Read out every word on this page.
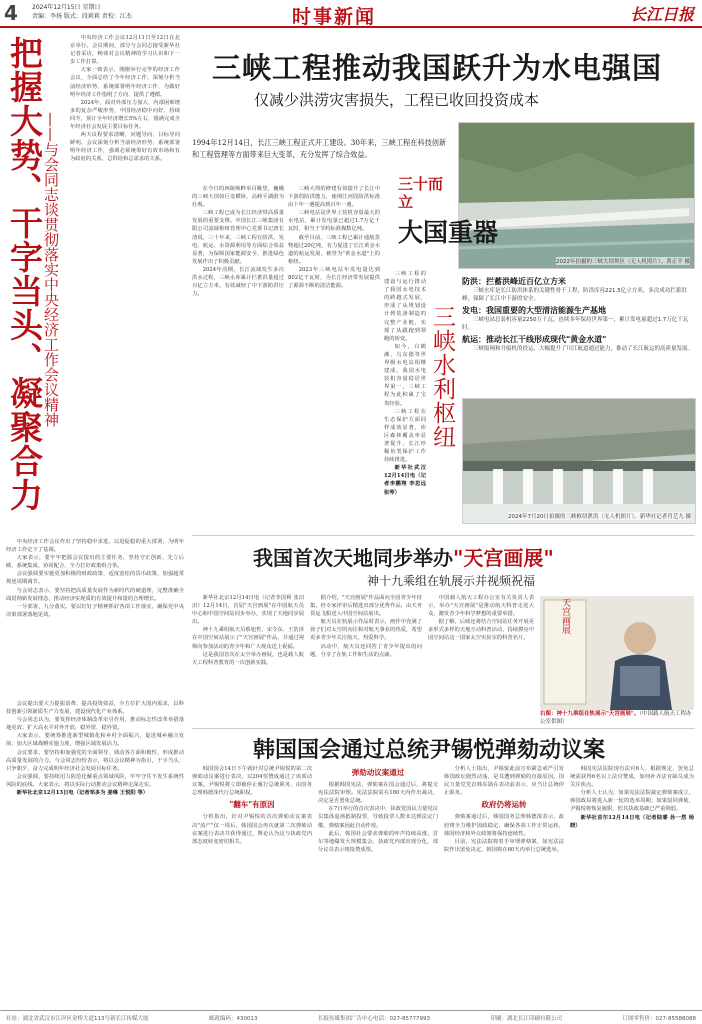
4 2024年12月15日 星期日
责编：李扬 版式：段莉莉 责校：江杰	时事新闻	长江日报
把握大势、干字当头、凝聚合力
——与会同志谈贯彻落实中央经济工作会议精神

中央经济工作会议12月11日至12日在北京举行。会议期间，部分与会同志接受新华社记者采访，畅谈对会议精神的学习认识和下一步工作打算。

大家一致表示，刚刚举行完毕的经济工作会议，全面总结了今年经济工作，深刻分析当前经济形势，系统部署明年经济工作，为做好明年经济工作指明了方向、提供了遵循。

2024年，面对外部压力加大、内部困难增多的复杂严峻形势，中国经济稳中向好、持续回升，预计全年经济增长5%左右，圆满完成全年经济社会发展主要目标任务。

两天议程要求清晰，问题导向、目标导向鲜明。会议深刻分析当前经济形势，系统部署明年经济工作，强调必须统筹好有效市场和有为政府的关系、总供给和总需求的关系。

中央经济工作会议作出了坚持稳中求进、以进促稳的重大部署，为明年经济工作定下了基调。

大家表示，要牢牢把握会议提出的主要任务，坚持守正创新、先立后破、系统集成、协同配合，全力打好政策组合拳。

会议强调要实施更加积极的财政政策、适度宽松的货币政策，加强超常规逆周期调节。

与会同志表示，要坚持把高质量发展作为新时代的硬道理，完整准确全面贯彻新发展理念，推动经济实现质的有效提升和量的合理增长。

一分部署，九分落实。要以钉钉子精神抓好各项工作落实，确保党中央决策部署落地见效。

会议提出要大力提振消费、提高投资效益，全方位扩大国内需求，以科技创新引领新质生产力发展，建设现代化产业体系。

与会同志认为，要发挥经济体制改革牵引作用，推动标志性改革举措落地见效；扩大高水平对外开放，稳外贸、稳外资。

大家表示，要统筹推进新型城镇化和乡村全面振兴，促进城乡融合发展；加大区域战略实施力度，增强区域发展活力。

会议要求，要坚持和加强党的全面领导，调动各方面积极性，形成推动高质量发展的合力。与会同志纷纷表示，将以会议精神为指引，干字当头，只争朝夕，奋力完成明年经济社会发展目标任务。

会议强调，要持续用力防范化解重点领域风险，牢牢守住不发生系统性风险的底线。大家表示，将以实际行动推动会议精神走深走实。

新华社北京12月13日电（记者邹多为 姜琳 王悦阳 等）

三峡工程推动我国跃升为水电强国
仅减少洪涝灾害损失，工程已收回投资成本
1994年12月14日，长江三峡工程正式开工建设。30年来，三峡工程在科技创新和工程管理等方面带来巨大变革，充分发挥了综合效益。
2022年拍摄的三峡大坝坝区（无人机照片）。黄正平 摄
三十而立
大国重器
三峡水利枢纽

在今日的西陵峡畔举目眺望，巍峨的三峡大坝如巨龙横卧，高峡平湖蔚为壮观。

三峡工程已成为长江经济带高质量发展的重要支撑。中国长江三峡集团有限公司流域枢纽管理中心党委书记唐长清说，三十年来，三峡工程在防洪、发电、航运、水资源利用等方面综合效益显著，为保障国家能源安全、推进绿色发展作出了积极贡献。

2024年汛期，长江流域发生多次洪水过程，三峡水库累计拦蓄洪量超过百亿立方米，有效减轻了中下游防洪压力。

三峡大坝的修建有效提升了长江中下游的防洪能力，使荆江河段防洪标准由十年一遇提高到百年一遇。

三峡电站是世界上装机容量最大的水电站，累计发电量已超过1.7万亿千瓦时，相当于节约标准煤数亿吨。

截至目前，三峡工程已累计通航货物超过20亿吨，有力促进了长江黄金水道的航运发展，被誉为"黄金水道"上的枢纽。

2023年三峡电站年发电量达到802亿千瓦时，为长江经济带发展提供了源源不断的清洁能源。

三峡工程的建设与运行推动了我国水电技术的跨越式发展，形成了从规划设计到装备制造的完整产业链，实现了从跟跑到领跑的转变。

如今，白鹤滩、乌东德等世界级水电站相继建成，我国水电装机容量稳居世界第一，三峡工程为此积累了宝贵经验。

三峡工程在生态保护方面同样成效显著，库区森林覆盖率显著提升，长江珍稀鱼类保护工作持续推进。

新华社武汉12月14日电（记者李鹏翔 李思远 张琴）

防洪：拦蓄洪峰近百亿立方米
三峡水库是长江防洪体系的关键性骨干工程，防洪库容221.5亿立方米，多次成功拦蓄洪峰，保障了长江中下游的安全。
发电：我国重要的大型清洁能源生产基地
三峡电站总装机容量2250万千瓦，连续多年保持世界第一，累计发电量超过1.7万亿千瓦时。
航运：推动长江干线形成现代"黄金水道"
三峡船闸和升船机的投运，大幅提升了川江航道通过能力，推动了长江航运的高质量发展。
2024年7月20日拍摄的三峡枢纽泄洪（无人机照片）。新华社记者肖艺九 摄
我国首次天地同步举办"天宫画展"
神十九乘组在轨展示并视频祝福

新华社北京12月14日电（记者李国利 张汨汨）12月14日，首届"天宫画展"在中国航天员中心和中国空间站同步举办，实现了天地同步展出。

神十九乘组航天员蔡旭哲、宋令东、王浩泽在中国空间站展示了"天宫画展"作品，并通过视频向参加活动的青少年和广大观众送上祝福。

这是我国首次在太空举办画展，也是载人航天工程科普教育的一次创新实践。

据介绍，"天宫画展"作品面向全国青少年征集，经专家评审后精选出部分优秀作品，由天舟货运飞船送入中国空间站展出。

航天员在轨展示作品时表示，画作中充满了孩子们对太空的向往和对航天事业的热爱，希望更多青少年关注航天、热爱科学。

活动中，航天员还回答了青少年提出的问题，分享了在轨工作和生活的点滴。

中国载人航天工程办公室有关负责人表示，举办"天宫画展"是推动航天科普走进大众、激发青少年科学梦想的重要举措。

据了解，后续还将结合空间站任务开展更多形式多样的天地互动科普活动，持续擦亮中国空间站这一国家太空实验室的科普名片。

天宫画展
右图：神十九乘组在轨展示"天宫画展"。（中国载人航天工程办公室供图）
韩国国会通过总统尹锡悦弹劾动议案

韩国国会14日下午就针对总统尹锡悦的第二次弹劾动议案进行表决，以204票赞成通过了该项动议案。尹锡悦将立即被停止履行总统职务，由国务总理韩德洙代行总统职权。

"翻车"有原因

分析指出，针对尹锡悦的首次弹劾动议案表决"流产"仅一周后，韩国国会再次就第二次弹劾动议案进行表决并获得通过，舆论认为这与执政党内部态度转变密切相关。

弹劾动议案通过

根据韩国宪法，弹劾案在国会通过后，将提交宪法法院审理。宪法法院需在180天内作出裁决，决定是否罢免总统。

在7日举行的首次表决中，执政党国民力量党议员集体退场抵制投票，导致投票人数未达到法定门槛，弹劾案因此自动作废。

此后，韩国社会要求弹劾的呼声持续高涨，首尔等地爆发大规模集会，执政党内部出现分化，部分议员表示将投赞成票。

分析人士指出，尹锡悦此前宣布紧急戒严引发韩国政坛剧烈动荡，是其遭到弹劾的直接原因。国民力量党党首韩东勋在表决前表示，应当让总统停止职务。

政府仍将运转

弹劾案通过后，韩国国务总理韩德洙表示，政府将全力维护国政稳定，确保各项工作正常运转，韩国经济和外交政策将保持连续性。

目前，宪法法院将着手审理弹劾案，如宪法法院作出罢免决定，韩国将在60天内举行总统选举。

韩国宪法法院现有法官6人，根据规定，罢免总统需获得6名以上法官赞成，如何补齐法官缺员成为关注焦点。

分析人士认为，如果宪法法院裁定弹劾案成立，韩国政局将进入新一轮的选举周期；如果驳回弹劾，尹锡悦将恢复履职，但其执政基础已严重削弱。

新华社首尔12月14日电（记者陆睿 孙一然 杨晓）

社址：湖北省武汉市江岸区金桥大道113号新长江传媒大厦	邮政编码：430013	长报传媒集团广告中心电话：027-85777993	印刷：湖北长江印刷有限公司	订阅零售价：027-85588088
